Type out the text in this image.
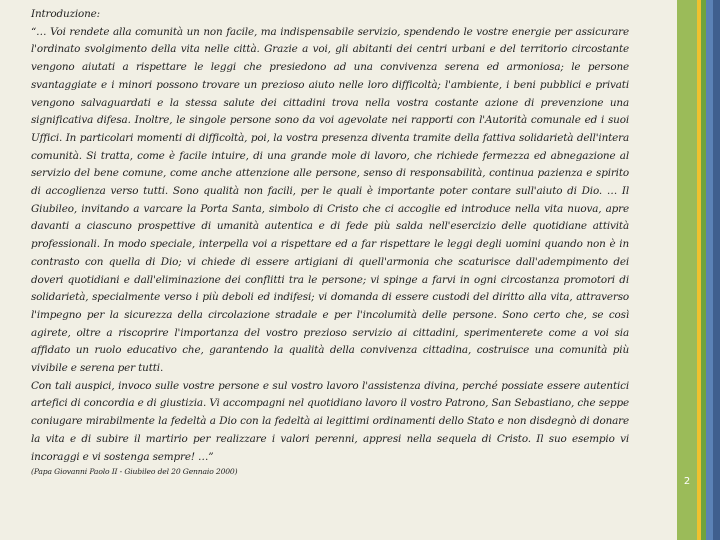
Introduzione:

“… Voi rendete alla comunità un non facile, ma indispensabile servizio, spendendo le vostre energie per assicurare l'ordinato svolgimento della vita nelle città. Grazie a voi, gli abitanti dei centri urbani e del territorio circostante vengono aiutati a rispettare le leggi che presiedono ad una convivenza serena ed armoniosa; le persone svantaggiate e i minori possono trovare un prezioso aiuto nelle loro difficoltà; l'ambiente, i beni pubblici e privati vengono salvaguardati e la stessa salute dei cittadini trova nella vostra costante azione di prevenzione una significativa difesa. Inoltre, le singole persone sono da voi agevolate nei rapporti con l'Autorità comunale ed i suoi Uffici. In particolari momenti di difficoltà, poi, la vostra presenza diventa tramite della fattiva solidarietà dell'intera comunità. Si tratta, come è facile intuire, di una grande mole di lavoro, che richiede fermezza ed abnegazione al servizio del bene comune, come anche attenzione alle persone, senso di responsabilità, continua pazienza e spirito di accoglienza verso tutti. Sono qualità non facili, per le quali è importante poter contare sull'aiuto di Dio. … Il Giubileo, invitando a varcare la Porta Santa, simbolo di Cristo che ci accoglie ed introduce nella vita nuova, apre davanti a ciascuno prospettive di umanità autentica e di fede più salda nell'esercizio delle quotidiane attività professionali. In modo speciale, interpella voi a rispettare ed a far rispettare le leggi degli uomini quando non è in contrasto con quella di Dio; vi chiede di essere artigiani di quell'armonia che scaturisce dall'adempimento dei doveri quotidiani e dall'eliminazione dei conflitti tra le persone; vi spinge a farvi in ogni circostanza promotori di solidarietà, specialmente verso i più deboli ed indifesi; vi domanda di essere custodi del diritto alla vita, attraverso l'impegno per la sicurezza della circolazione stradale e per l'incolumità delle persone. Sono certo che, se così agirete, oltre a riscoprire l'importanza del vostro prezioso servizio ai cittadini, sperimenterete come a voi sia affidato un ruolo educativo che, garantendo la qualità della convivenza cittadina, costruisce una comunità più vivibile e serena per tutti.

Con tali auspici, invoco sulle vostre persone e sul vostro lavoro l'assistenza divina, perché possiate essere autentici artefici di concordia e di giustizia. Vi accompagni nel quotidiano lavoro il vostro Patrono, San Sebastiano, che seppe coniugare mirabilmente la fedeltà a Dio con la fedeltà ai legittimi ordinamenti dello Stato e non disdegnò di donare la vita e di subire il martirio per realizzare i valori perenni, appresi nella sequela di Cristo. Il suo esempio vi incoraggi e vi sostenga sempre! …”

(Papa Giovanni Paolo II - Giubileo del 20 Gennaio 2000)

2
